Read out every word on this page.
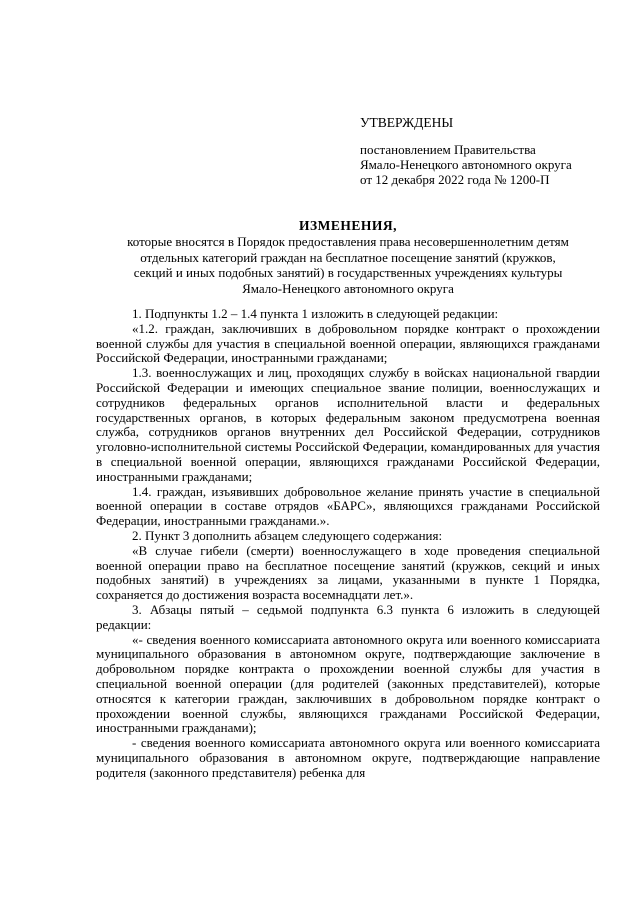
УТВЕРЖДЕНЫ
постановлением Правительства
Ямало-Ненецкого автономного округа
от 12 декабря 2022 года № 1200-П
ИЗМЕНЕНИЯ,
которые вносятся в Порядок предоставления права несовершеннолетним детям
отдельных категорий граждан на бесплатное посещение занятий (кружков,
секций и иных подобных занятий) в государственных учреждениях культуры
Ямало-Ненецкого автономного округа

1. Подпункты 1.2 – 1.4 пункта 1 изложить в следующей редакции:

«1.2. граждан, заключивших в добровольном порядке контракт о прохождении военной службы для участия в специальной военной операции, являющихся гражданами Российской Федерации, иностранными гражданами;

1.3. военнослужащих и лиц, проходящих службу в войсках национальной гвардии Российской Федерации и имеющих специальное звание полиции, военнослужащих и сотрудников федеральных органов исполнительной власти и федеральных государственных органов, в которых федеральным законом предусмотрена военная служба, сотрудников органов внутренних дел Российской Федерации, сотрудников уголовно-исполнительной системы Российской Федерации, командированных для участия в специальной военной операции, являющихся гражданами Российской Федерации, иностранными гражданами;

1.4. граждан, изъявивших добровольное желание принять участие в специальной военной операции в составе отрядов «БАРС», являющихся гражданами Российской Федерации, иностранными гражданами.».

2. Пункт 3 дополнить абзацем следующего содержания:

«В случае гибели (смерти) военнослужащего в ходе проведения специальной военной операции право на бесплатное посещение занятий (кружков, секций и иных подобных занятий) в учреждениях за лицами, указанными в пункте 1 Порядка, сохраняется до достижения возраста восемнадцати лет.».

3. Абзацы пятый – седьмой подпункта 6.3 пункта 6 изложить в следующей редакции:

«- сведения военного комиссариата автономного округа или военного комиссариата муниципального образования в автономном округе, подтверждающие заключение в добровольном порядке контракта о прохождении военной службы для участия в специальной военной операции (для родителей (законных представителей), которые относятся к категории граждан, заключивших в добровольном порядке контракт о прохождении военной службы, являющихся гражданами Российской Федерации, иностранными гражданами);

- сведения военного комиссариата автономного округа или военного комиссариата муниципального образования в автономном округе, подтверждающие направление родителя (законного представителя) ребенка для
